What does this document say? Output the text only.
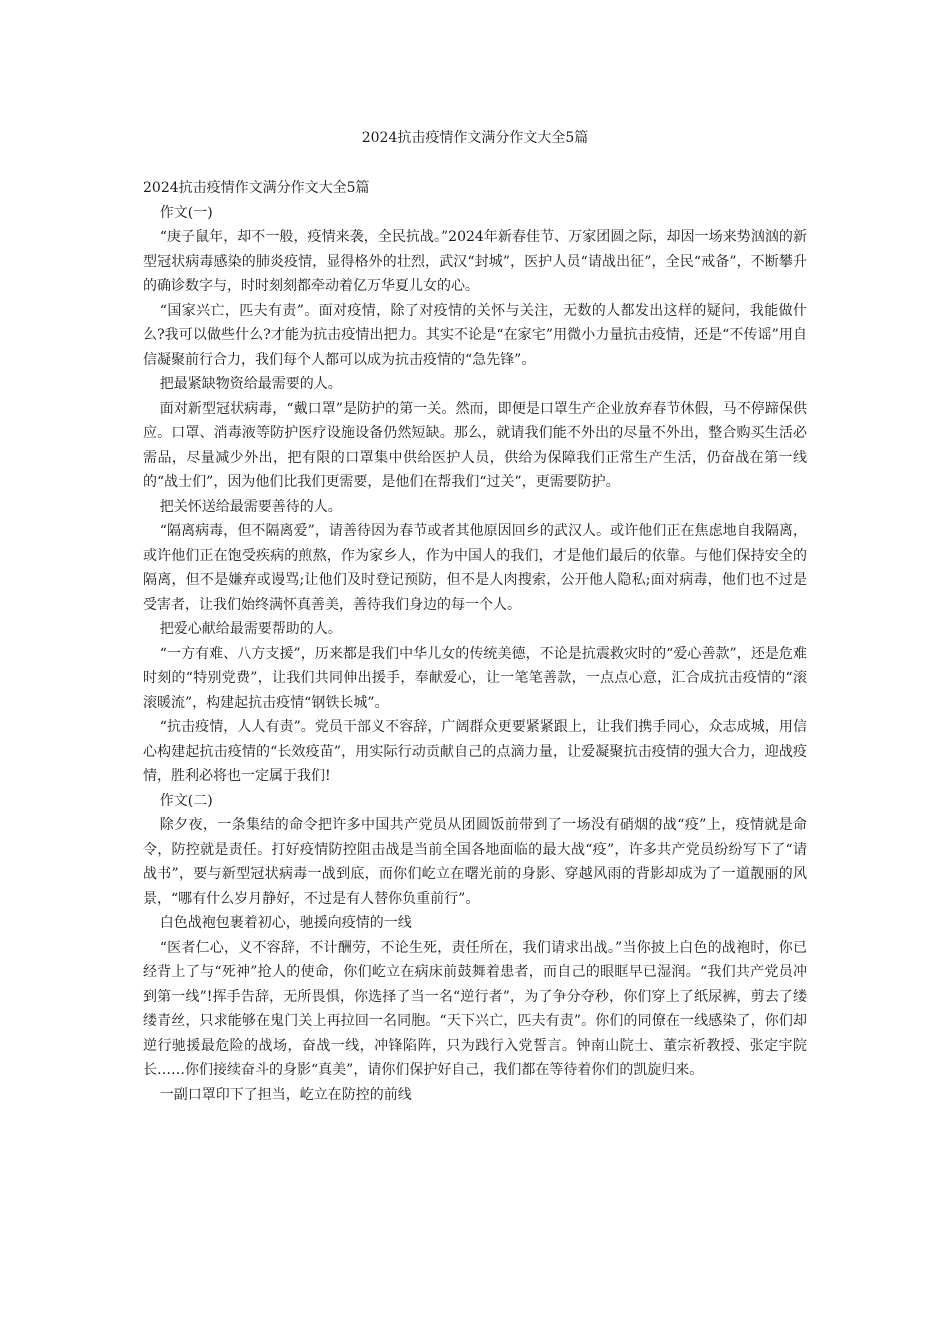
2024抗击疫情作文满分作文大全5篇

2024抗击疫情作文满分作文大全5篇

作文(一)

“庚子鼠年，却不一般，疫情来袭，全民抗战。”2024年新春佳节、万家团圆之际，却因一场来势汹汹的新型冠状病毒感染的肺炎疫情，显得格外的壮烈，武汉“封城”，医护人员“请战出征”，全民“戒备”，不断攀升的确诊数字与，时时刻刻都牵动着亿万华夏儿女的心。

“国家兴亡，匹夫有责”。面对疫情，除了对疫情的关怀与关注，无数的人都发出这样的疑问，我能做什么?我可以做些什么?才能为抗击疫情出把力。其实不论是“在家宅”用微小力量抗击疫情，还是“不传谣”用自信凝聚前行合力，我们每个人都可以成为抗击疫情的“急先锋”。

把最紧缺物资给最需要的人。

面对新型冠状病毒，“戴口罩”是防护的第一关。然而，即便是口罩生产企业放弃春节休假，马不停蹄保供应。口罩、消毒液等防护医疗设施设备仍然短缺。那么，就请我们能不外出的尽量不外出，整合购买生活必需品，尽量减少外出，把有限的口罩集中供给医护人员，供给为保障我们正常生产生活，仍奋战在第一线的“战士们”，因为他们比我们更需要，是他们在帮我们“过关”，更需要防护。

把关怀送给最需要善待的人。

“隔离病毒，但不隔离爱”，请善待因为春节或者其他原因回乡的武汉人。或许他们正在焦虑地自我隔离，或许他们正在饱受疾病的煎熬，作为家乡人，作为中国人的我们，才是他们最后的依靠。与他们保持安全的隔离，但不是嫌弃或谩骂;让他们及时登记预防，但不是人肉搜索，公开他人隐私;面对病毒，他们也不过是受害者，让我们始终满怀真善美，善待我们身边的每一个人。

把爱心献给最需要帮助的人。

“一方有难、八方支援”，历来都是我们中华儿女的传统美德，不论是抗震救灾时的“爱心善款”，还是危难时刻的“特别党费”，让我们共同伸出援手，奉献爱心，让一笔笔善款，一点点心意，汇合成抗击疫情的“滚滚暖流”，构建起抗击疫情“钢铁长城”。

“抗击疫情，人人有责”。党员干部义不容辞，广阔群众更要紧紧跟上，让我们携手同心，众志成城，用信心构建起抗击疫情的“长效疫苗”，用实际行动贡献自己的点滴力量，让爱凝聚抗击疫情的强大合力，迎战疫情，胜利必将也一定属于我们!

作文(二)

除夕夜，一条集结的命令把许多中国共产党员从团圆饭前带到了一场没有硝烟的战“疫”上，疫情就是命令，防控就是责任。打好疫情防控阻击战是当前全国各地面临的最大战“疫”，许多共产党员纷纷写下了“请战书”，要与新型冠状病毒一战到底，而你们屹立在曙光前的身影、穿越风雨的背影却成为了一道靓丽的风景，“哪有什么岁月静好，不过是有人替你负重前行”。

白色战袍包裹着初心，驰援向疫情的一线

“医者仁心，义不容辞，不计酬劳，不论生死，责任所在，我们请求出战。”当你披上白色的战袍时，你已经背上了与“死神”抢人的使命，你们屹立在病床前鼓舞着患者，而自己的眼眶早已湿润。“我们共产党员冲到第一线”!挥手告辞，无所畏惧，你选择了当一名“逆行者”，为了争分夺秒，你们穿上了纸尿裤，剪去了缕缕青丝，只求能够在鬼门关上再拉回一名同胞。“天下兴亡，匹夫有责”。你们的同僚在一线感染了，你们却逆行驰援最危险的战场，奋战一线，冲锋陷阵，只为践行入党誓言。钟南山院士、董宗祈教授、张定宇院长……你们接续奋斗的身影“真美”，请你们保护好自己，我们都在等待着你们的凯旋归来。

一副口罩印下了担当，屹立在防控的前线
